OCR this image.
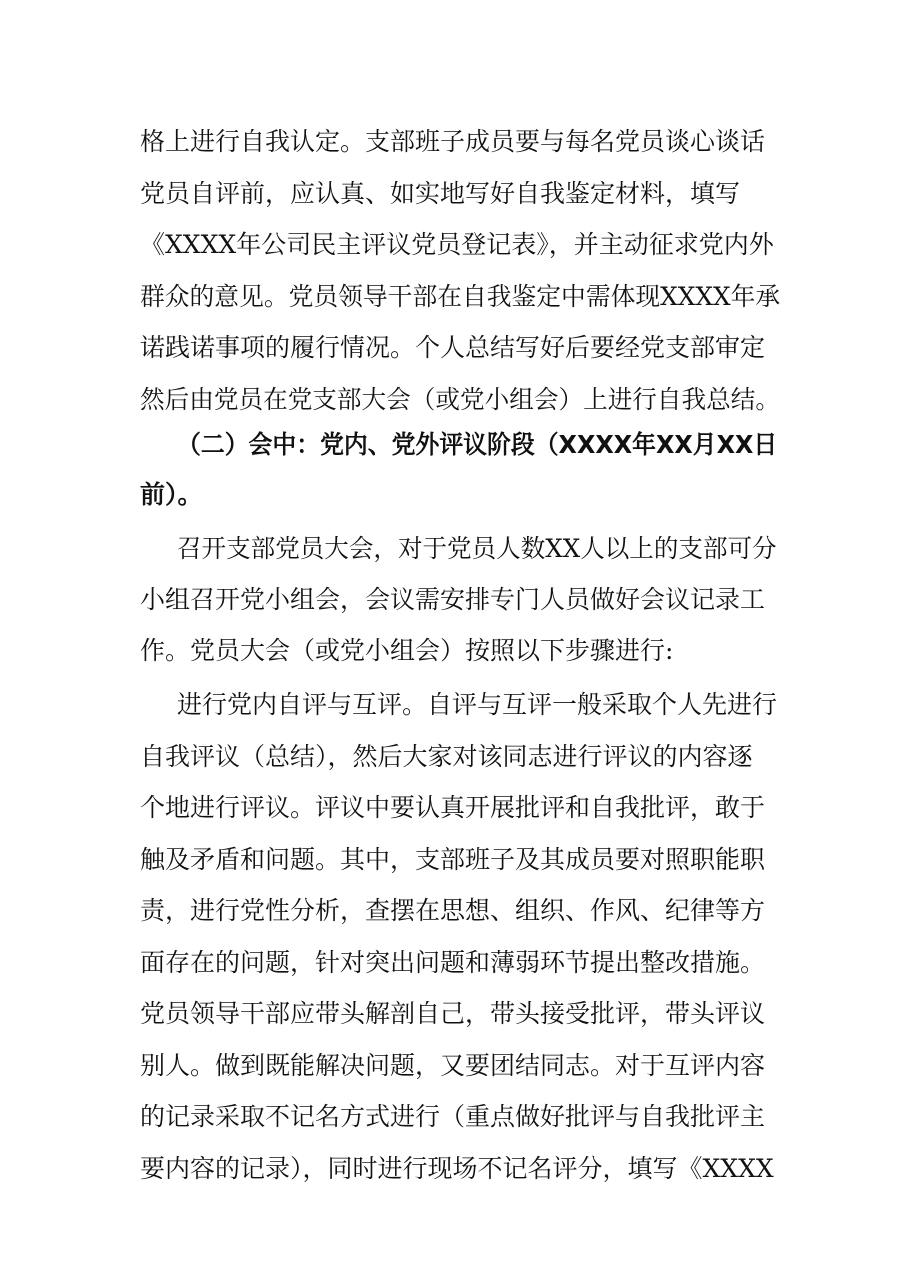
格上进行自我认定。支部班子成员要与每名党员谈心谈话

党员自评前，应认真、如实地写好自我鉴定材料，填写

《XXXX年公司民主评议党员登记表》，并主动征求党内外

群众的意见。党员领导干部在自我鉴定中需体现XXXX年承

诺践诺事项的履行情况。个人总结写好后要经党支部审定

然后由党员在党支部大会（或党小组会）上进行自我总结。

（二）会中：党内、党外评议阶段（XXXX年XX月XX日

前）。

召开支部党员大会，对于党员人数XX人以上的支部可分

小组召开党小组会，会议需安排专门人员做好会议记录工

作。党员大会（或党小组会）按照以下步骤进行:

进行党内自评与互评。自评与互评一般采取个人先进行

自我评议（总结），然后大家对该同志进行评议的内容逐

个地进行评议。评议中要认真开展批评和自我批评，敢于

触及矛盾和问题。其中，支部班子及其成员要对照职能职

责，进行党性分析，查摆在思想、组织、作风、纪律等方

面存在的问题，针对突出问题和薄弱环节提出整改措施。

党员领导干部应带头解剖自己，带头接受批评，带头评议

别人。做到既能解决问题，又要团结同志。对于互评内容

的记录采取不记名方式进行（重点做好批评与自我批评主

要内容的记录），同时进行现场不记名评分，填写《XXXX
